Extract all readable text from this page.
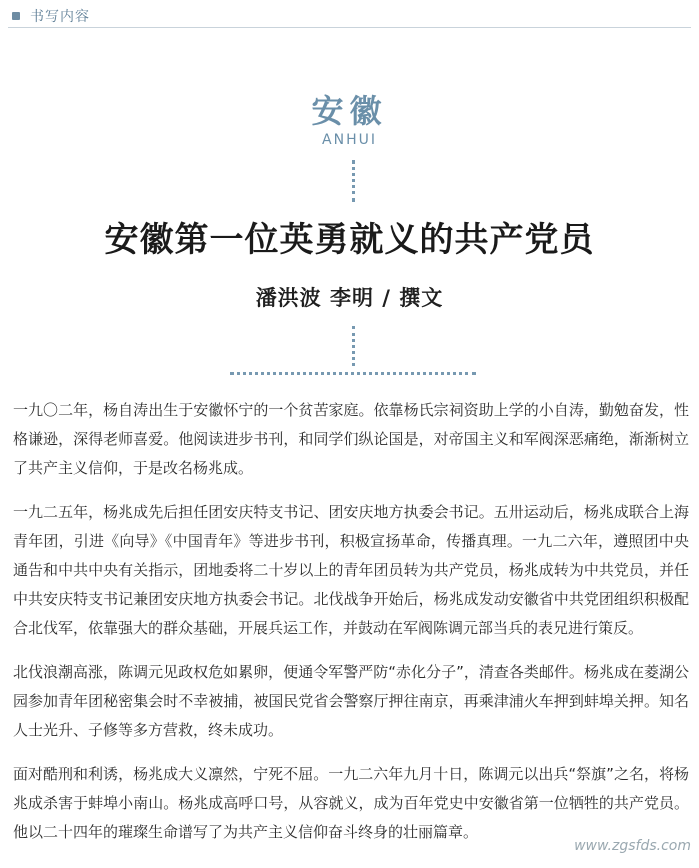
书写内容
安徽
ANHUI
安徽第一位英勇就义的共产党员
潘洪波 李明 / 撰文

一九〇二年，杨自涛出生于安徽怀宁的一个贫苦家庭。依靠杨氏宗祠资助上学的小自涛，勤勉奋发，性格谦逊，深得老师喜爱。他阅读进步书刊，和同学们纵论国是，对帝国主义和军阀深恶痛绝，渐渐树立了共产主义信仰，于是改名杨兆成。

一九二五年，杨兆成先后担任团安庆特支书记、团安庆地方执委会书记。五卅运动后，杨兆成联合上海青年团，引进《向导》《中国青年》等进步书刊，积极宣扬革命，传播真理。一九二六年，遵照团中央通告和中共中央有关指示，团地委将二十岁以上的青年团员转为共产党员，杨兆成转为中共党员，并任中共安庆特支书记兼团安庆地方执委会书记。北伐战争开始后，杨兆成发动安徽省中共党团组织积极配合北伐军，依靠强大的群众基础，开展兵运工作，并鼓动在军阀陈调元部当兵的表兄进行策反。

北伐浪潮高涨，陈调元见政权危如累卵，便通令军警严防“赤化分子”，清查各类邮件。杨兆成在菱湖公园参加青年团秘密集会时不幸被捕，被国民党省会警察厅押往南京，再乘津浦火车押到蚌埠关押。知名人士光升、子修等多方营救，终未成功。

面对酷刑和利诱，杨兆成大义凛然，宁死不屈。一九二六年九月十日，陈调元以出兵“祭旗”之名，将杨兆成杀害于蚌埠小南山。杨兆成高呼口号，从容就义，成为百年党史中安徽省第一位牺牲的共产党员。他以二十四年的璀璨生命谱写了为共产主义信仰奋斗终身的壮丽篇章。

www.zgsfds.com
